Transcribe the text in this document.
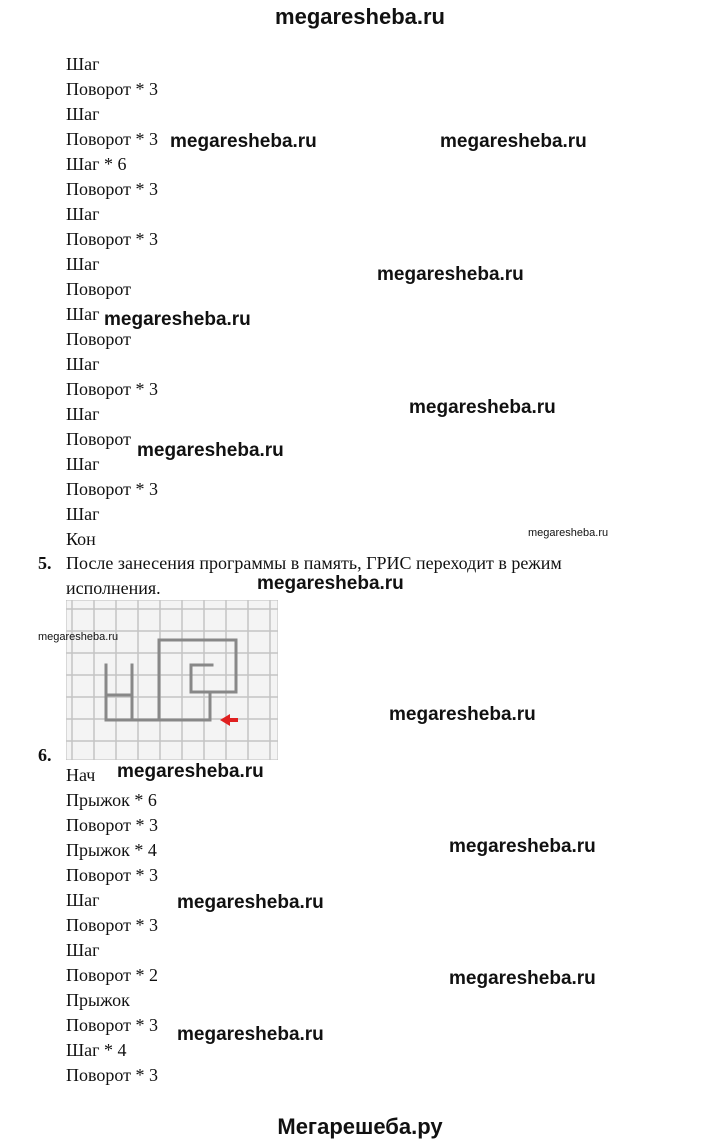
megaresheba.ru
Шаг
Поворот * 3
Шаг
Поворот * 3
Шаг * 6
Поворот * 3
Шаг
Поворот * 3
Шаг
Поворот
Шаг
Поворот
Шаг
Поворот * 3
Шаг
Поворот
Шаг
Поворот * 3
Шаг
Кон
5. После занесения программы в память, ГРИС переходит в режим
исполнения.
megaresheba.ru
6.
Нач
Прыжок * 6
Поворот * 3
Прыжок * 4
Поворот * 3
Шаг
Поворот * 3
Шаг
Поворот * 2
Прыжок
Поворот * 3
Шаг * 4
Поворот * 3
megaresheba.ru	megaresheba.ru
megaresheba.ru
megaresheba.ru
megaresheba.ru
megaresheba.ru
megaresheba.ru
megaresheba.ru
megaresheba.ru
megaresheba.ru
megaresheba.ru
megaresheba.ru
megaresheba.ru
megaresheba.ru
Мегарешеба.ру
